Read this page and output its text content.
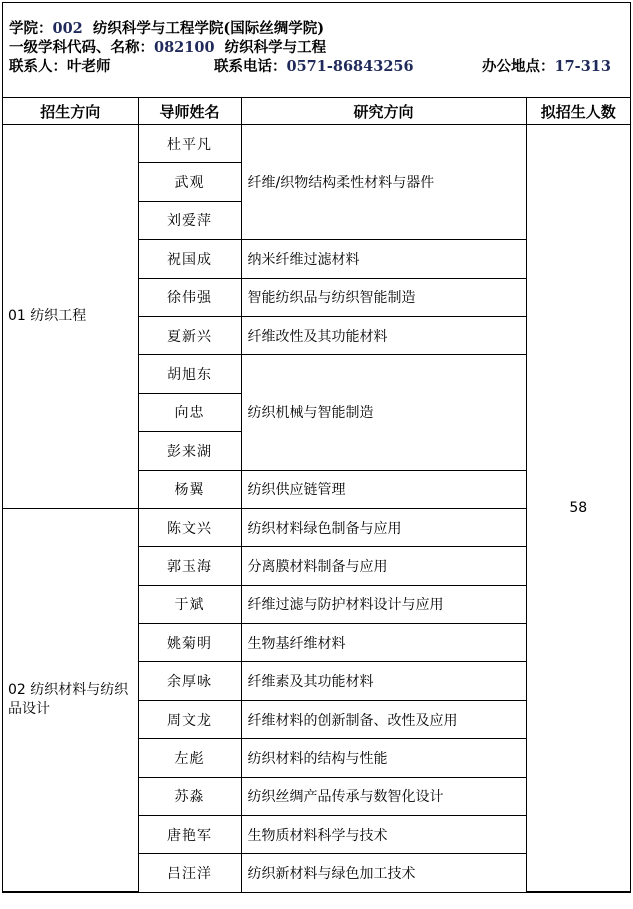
学院：002 纺织科学与工程学院(国际丝绸学院)
一级学科代码、名称：082100 纺织科学与工程
联系人：叶老师	联系电话：0571-86843256	办公地点：17-313
招生方向	导师姓名	研究方向	拟招生人数
01 纺织工程	杜平凡	纤维/织物结构柔性材料与器件	58
	武观		
	刘爱萍		
	祝国成	纳米纤维过滤材料	
	徐伟强	智能纺织品与纺织智能制造	
	夏新兴	纤维改性及其功能材料	
	胡旭东	纺织机械与智能制造	
	向忠		
	彭来湖		
	杨翼	纺织供应链管理	
02 纺织材料与纺织品设计	陈文兴	纺织材料绿色制备与应用	
	郭玉海	分离膜材料制备与应用	
	于斌	纤维过滤与防护材料设计与应用	
	姚菊明	生物基纤维材料	
	余厚咏	纤维素及其功能材料	
	周文龙	纤维材料的创新制备、改性及应用	
	左彪	纺织材料的结构与性能	
	苏淼	纺织丝绸产品传承与数智化设计	
	唐艳军	生物质材料科学与技术	
	吕汪洋	纺织新材料与绿色加工技术	
